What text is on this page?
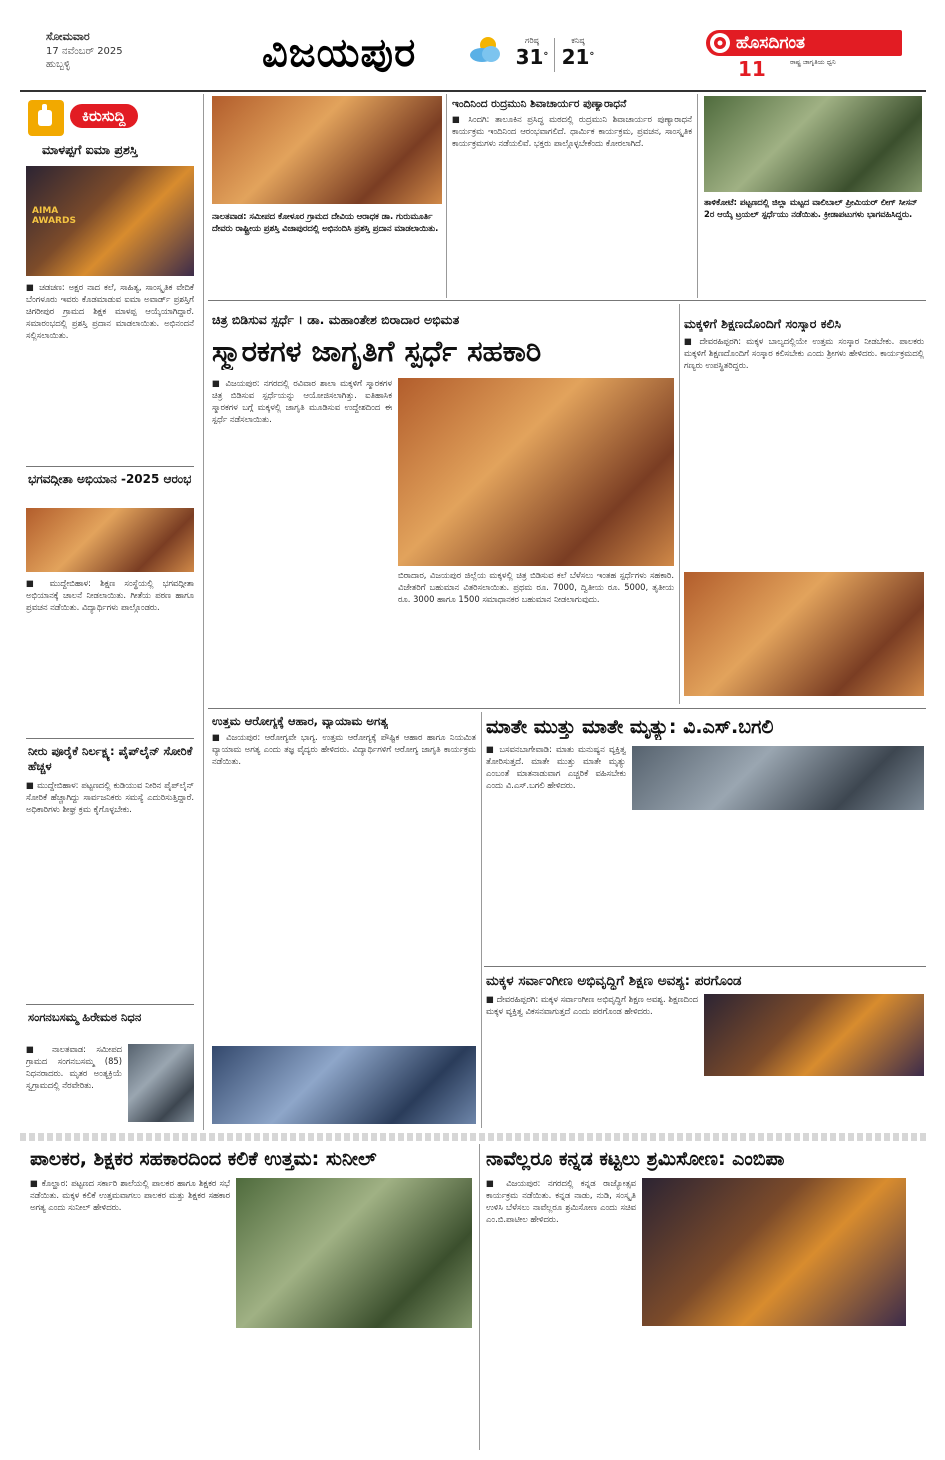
ಸೋಮವಾರ
17 ನವೆಂಬರ್ 2025
ಹುಬ್ಬಳ್ಳಿ	ವಿಜಯಪುರ	ಗರಿಷ್ಠ
31°
ಕನಿಷ್ಠ
21°
ಹೊಸದಿಗಂತ
ರಾಷ್ಟ್ರ ಜಾಗೃತಿಯ ಧ್ವನಿ
11
ಕಿರುಸುದ್ದಿ
ಮಾಳಪ್ಪಗೆ ಐಮಾ ಪ್ರಶಸ್ತಿ
AIMA AWARDS
■ ಚಡಚಣ: ಅಕ್ಷರ ನಾದ ಕಲೆ, ಸಾಹಿತ್ಯ, ಸಾಂಸ್ಕೃತಿಕ ವೇದಿಕೆ ಬೆಂಗಳೂರು ಇವರು ಕೊಡಮಾಡುವ ಐಮಾ ಅವಾರ್ಡ್ ಪ್ರಶಸ್ತಿಗೆ ಚಿಗರೀಪುರ ಗ್ರಾಮದ ಶಿಕ್ಷಕ ಮಾಳಪ್ಪ ಆಯ್ಕೆಯಾಗಿದ್ದಾರೆ. ಸಮಾರಂಭದಲ್ಲಿ ಪ್ರಶಸ್ತಿ ಪ್ರದಾನ ಮಾಡಲಾಯಿತು. ಅಭಿನಂದನೆ ಸಲ್ಲಿಸಲಾಯಿತು.
ಭಗವದ್ಗೀತಾ ಅಭಿಯಾನ -2025 ಆರಂಭ
■ ಮುದ್ದೇಬಿಹಾಳ: ಶಿಕ್ಷಣ ಸಂಸ್ಥೆಯಲ್ಲಿ ಭಗವದ್ಗೀತಾ ಅಭಿಯಾನಕ್ಕೆ ಚಾಲನೆ ನೀಡಲಾಯಿತು. ಗೀತೆಯ ಪಠಣ ಹಾಗೂ ಪ್ರವಚನ ನಡೆಯಿತು. ವಿದ್ಯಾರ್ಥಿಗಳು ಪಾಲ್ಗೊಂಡರು.
ನೀರು ಪೂರೈಕೆ ನಿರ್ಲಕ್ಷ್ಯ: ಪೈಪ್‌ಲೈನ್ ಸೋರಿಕೆ ಹೆಚ್ಚಳ
■ ಮುದ್ದೇಬಿಹಾಳ: ಪಟ್ಟಣದಲ್ಲಿ ಕುಡಿಯುವ ನೀರಿನ ಪೈಪ್‌ಲೈನ್ ಸೋರಿಕೆ ಹೆಚ್ಚಾಗಿದ್ದು ಸಾರ್ವಜನಿಕರು ಸಮಸ್ಯೆ ಎದುರಿಸುತ್ತಿದ್ದಾರೆ. ಅಧಿಕಾರಿಗಳು ಶೀಘ್ರ ಕ್ರಮ ಕೈಗೊಳ್ಳಬೇಕು.
ಸಂಗನಬಸಮ್ಮ ಹಿರೇಮಠ ನಿಧನ
■ ನಾಲತವಾಡ: ಸಮೀಪದ ಗ್ರಾಮದ ಸಂಗನಬಸಮ್ಮ (85) ನಿಧನರಾದರು. ಮೃತರ ಅಂತ್ಯಕ್ರಿಯೆ ಸ್ವಗ್ರಾಮದಲ್ಲಿ ನೆರವೇರಿತು.
ನಾಲತವಾಡ: ಸಮೀಪದ ಕೋಳೂರ ಗ್ರಾಮದ ದೇವಿಯ ಆರಾಧಕ ಡಾ. ಗುರುಮೂರ್ತಿ ದೇವರು ರಾಷ್ಟ್ರೀಯ ಪ್ರಶಸ್ತಿ ವಿಜಾಪುರದಲ್ಲಿ ಅಭಿನಂದಿಸಿ ಪ್ರಶಸ್ತಿ ಪ್ರದಾನ ಮಾಡಲಾಯಿತು.
ಇಂದಿನಿಂದ ರುದ್ರಮುನಿ ಶಿವಾಚಾರ್ಯರ ಪುಣ್ಯಾರಾಧನೆ
■ ಸಿಂದಗಿ: ತಾಲೂಕಿನ ಪ್ರಸಿದ್ಧ ಮಠದಲ್ಲಿ ರುದ್ರಮುನಿ ಶಿವಾಚಾರ್ಯರ ಪುಣ್ಯಾರಾಧನೆ ಕಾರ್ಯಕ್ರಮ ಇಂದಿನಿಂದ ಆರಂಭವಾಗಲಿದೆ. ಧಾರ್ಮಿಕ ಕಾರ್ಯಕ್ರಮ, ಪ್ರವಚನ, ಸಾಂಸ್ಕೃತಿಕ ಕಾರ್ಯಕ್ರಮಗಳು ನಡೆಯಲಿವೆ. ಭಕ್ತರು ಪಾಲ್ಗೊಳ್ಳಬೇಕೆಂದು ಕೋರಲಾಗಿದೆ.
ತಾಳಿಕೋಟೆ: ಪಟ್ಟಣದಲ್ಲಿ ಜಿಲ್ಲಾ ಮಟ್ಟದ ವಾಲಿಬಾಲ್ ಪ್ರೀಮಿಯರ್ ಲೀಗ್ ಸೀಸನ್ 2ರ ಆಯ್ಕೆ ಟ್ರಯಲ್ ಸ್ಪರ್ಧೆಯು ನಡೆಯಿತು. ಕ್ರೀಡಾಪಟುಗಳು ಭಾಗವಹಿಸಿದ್ದರು.
ಚಿತ್ರ ಬಿಡಿಸುವ ಸ್ಪರ್ಧೆ । ಡಾ. ಮಹಾಂತೇಶ ಬಿರಾದಾರ ಅಭಿಮತ
ಸ್ಮಾರಕಗಳ ಜಾಗೃತಿಗೆ ಸ್ಪರ್ಧೆ ಸಹಕಾರಿ
■ ವಿಜಯಪುರ: ನಗರದಲ್ಲಿ ರವಿವಾರ ಶಾಲಾ ಮಕ್ಕಳಿಗೆ ಸ್ಮಾರಕಗಳ ಚಿತ್ರ ಬಿಡಿಸುವ ಸ್ಪರ್ಧೆಯನ್ನು ಆಯೋಜಿಸಲಾಗಿತ್ತು. ಐತಿಹಾಸಿಕ ಸ್ಮಾರಕಗಳ ಬಗ್ಗೆ ಮಕ್ಕಳಲ್ಲಿ ಜಾಗೃತಿ ಮೂಡಿಸುವ ಉದ್ದೇಶದಿಂದ ಈ ಸ್ಪರ್ಧೆ ನಡೆಸಲಾಯಿತು.
ಬಿರಾದಾರ, ವಿಜಯಪುರ ಜಿಲ್ಲೆಯ ಮಕ್ಕಳಲ್ಲಿ ಚಿತ್ರ ಬಿಡಿಸುವ ಕಲೆ ಬೆಳೆಸಲು ಇಂತಹ ಸ್ಪರ್ಧೆಗಳು ಸಹಕಾರಿ. ವಿಜೇತರಿಗೆ ಬಹುಮಾನ ವಿತರಿಸಲಾಯಿತು. ಪ್ರಥಮ ರೂ. 7000, ದ್ವಿತೀಯ ರೂ. 5000, ತೃತೀಯ ರೂ. 3000 ಹಾಗೂ 1500 ಸಮಾಧಾನಕರ ಬಹುಮಾನ ನೀಡಲಾಗುವುದು.
ಮಕ್ಕಳಿಗೆ ಶಿಕ್ಷಣದೊಂದಿಗೆ ಸಂಸ್ಕಾರ ಕಲಿಸಿ
■ ದೇವರಹಿಪ್ಪರಗಿ: ಮಕ್ಕಳ ಬಾಲ್ಯದಲ್ಲಿಯೇ ಉತ್ತಮ ಸಂಸ್ಕಾರ ನೀಡಬೇಕು. ಪಾಲಕರು ಮಕ್ಕಳಿಗೆ ಶಿಕ್ಷಣದೊಂದಿಗೆ ಸಂಸ್ಕಾರ ಕಲಿಸಬೇಕು ಎಂದು ಶ್ರೀಗಳು ಹೇಳಿದರು. ಕಾರ್ಯಕ್ರಮದಲ್ಲಿ ಗಣ್ಯರು ಉಪಸ್ಥಿತರಿದ್ದರು.
ಉತ್ತಮ ಆರೋಗ್ಯಕ್ಕೆ ಆಹಾರ, ವ್ಯಾಯಾಮ ಅಗತ್ಯ
■ ವಿಜಯಪುರ: ಆರೋಗ್ಯವೇ ಭಾಗ್ಯ. ಉತ್ತಮ ಆರೋಗ್ಯಕ್ಕೆ ಪೌಷ್ಟಿಕ ಆಹಾರ ಹಾಗೂ ನಿಯಮಿತ ವ್ಯಾಯಾಮ ಅಗತ್ಯ ಎಂದು ತಜ್ಞ ವೈದ್ಯರು ಹೇಳಿದರು. ವಿದ್ಯಾರ್ಥಿಗಳಿಗೆ ಆರೋಗ್ಯ ಜಾಗೃತಿ ಕಾರ್ಯಕ್ರಮ ನಡೆಯಿತು.
ಮಾತೇ ಮುತ್ತು ಮಾತೇ ಮೃತ್ಯು: ವಿ.ಎಸ್.ಬಗಲಿ
■ ಬಸವನಬಾಗೇವಾಡಿ: ಮಾತು ಮನುಷ್ಯನ ವ್ಯಕ್ತಿತ್ವ ತೋರಿಸುತ್ತದೆ. ಮಾತೇ ಮುತ್ತು ಮಾತೇ ಮೃತ್ಯು ಎಂಬಂತೆ ಮಾತನಾಡುವಾಗ ಎಚ್ಚರಿಕೆ ವಹಿಸಬೇಕು ಎಂದು ವಿ.ಎಸ್.ಬಗಲಿ ಹೇಳಿದರು.
ಮಕ್ಕಳ ಸರ್ವಾಂಗೀಣ ಅಭಿವೃದ್ಧಿಗೆ ಶಿಕ್ಷಣ ಅವಶ್ಯ: ಪರಗೊಂಡ
■ ದೇವರಹಿಪ್ಪರಗಿ: ಮಕ್ಕಳ ಸರ್ವಾಂಗೀಣ ಅಭಿವೃದ್ಧಿಗೆ ಶಿಕ್ಷಣ ಅವಶ್ಯ. ಶಿಕ್ಷಣದಿಂದ ಮಕ್ಕಳ ವ್ಯಕ್ತಿತ್ವ ವಿಕಸನವಾಗುತ್ತದೆ ಎಂದು ಪರಗೊಂಡ ಹೇಳಿದರು.
ಪಾಲಕರ, ಶಿಕ್ಷಕರ ಸಹಕಾರದಿಂದ ಕಲಿಕೆ ಉತ್ತಮ: ಸುನೀಲ್
■ ಕೊಲ್ಹಾರ: ಪಟ್ಟಣದ ಸರ್ಕಾರಿ ಶಾಲೆಯಲ್ಲಿ ಪಾಲಕರ ಹಾಗೂ ಶಿಕ್ಷಕರ ಸಭೆ ನಡೆಯಿತು. ಮಕ್ಕಳ ಕಲಿಕೆ ಉತ್ತಮವಾಗಲು ಪಾಲಕರ ಮತ್ತು ಶಿಕ್ಷಕರ ಸಹಕಾರ ಅಗತ್ಯ ಎಂದು ಸುನೀಲ್ ಹೇಳಿದರು.
ನಾವೆಲ್ಲರೂ ಕನ್ನಡ ಕಟ್ಟಲು ಶ್ರಮಿಸೋಣ: ಎಂಬಿಪಾ
■ ವಿಜಯಪುರ: ನಗರದಲ್ಲಿ ಕನ್ನಡ ರಾಜ್ಯೋತ್ಸವ ಕಾರ್ಯಕ್ರಮ ನಡೆಯಿತು. ಕನ್ನಡ ನಾಡು, ನುಡಿ, ಸಂಸ್ಕೃತಿ ಉಳಿಸಿ ಬೆಳೆಸಲು ನಾವೆಲ್ಲರೂ ಶ್ರಮಿಸೋಣ ಎಂದು ಸಚಿವ ಎಂ.ಬಿ.ಪಾಟೀಲ ಹೇಳಿದರು.
